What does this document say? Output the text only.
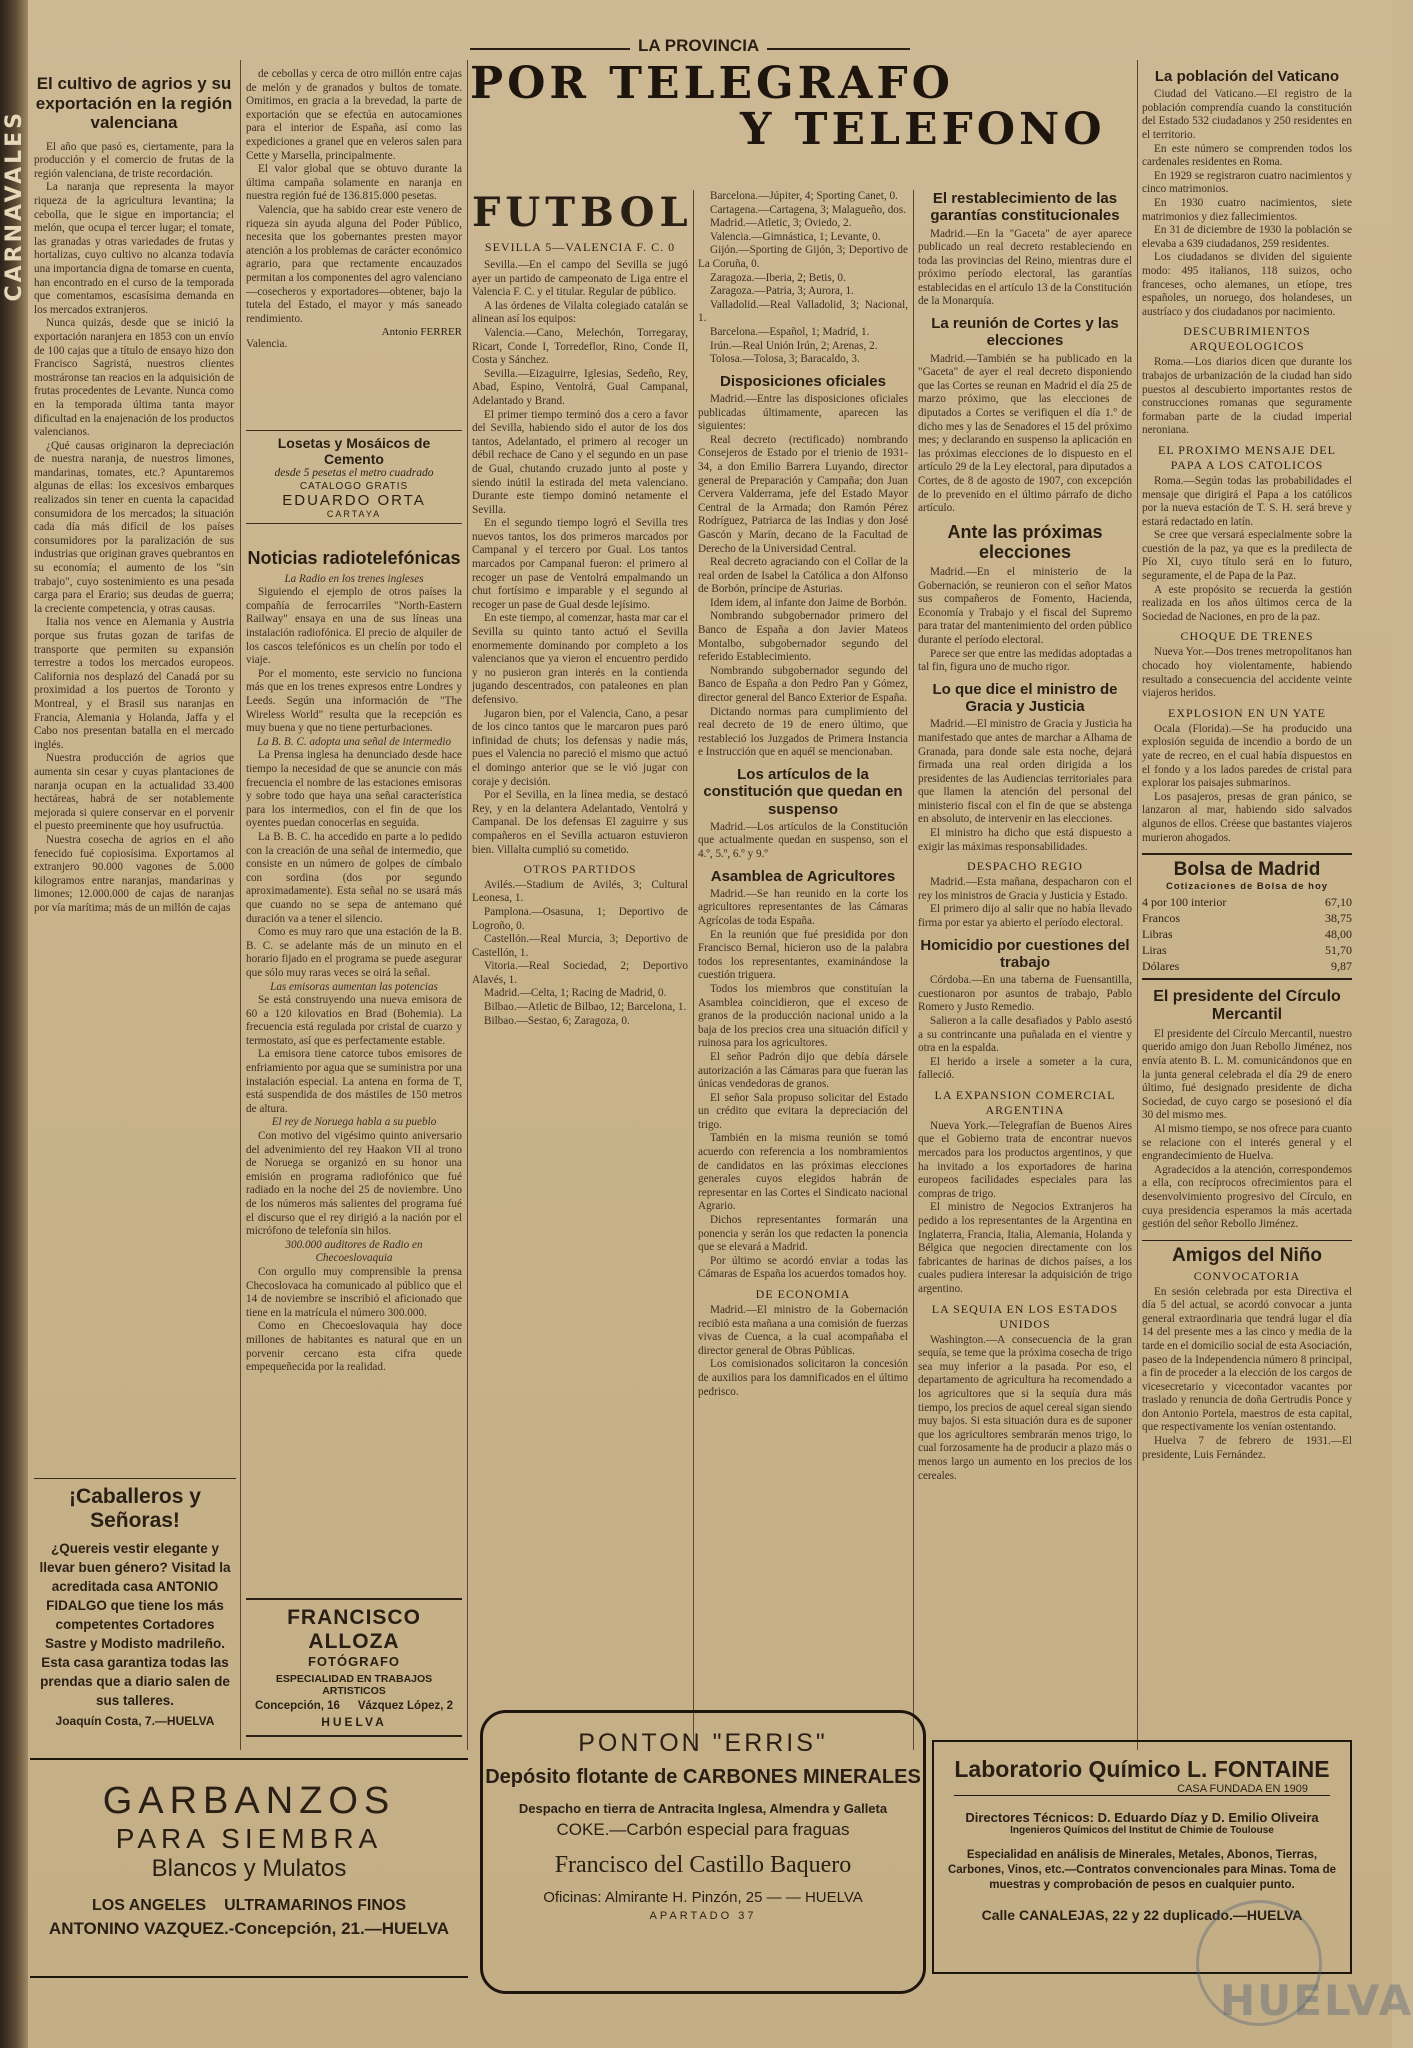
CARNAVALES
LA PROVINCIA
POR TELEGRAFO
Y TELEFONO
El cultivo de agrios y su exportación en la región valenciana

El año que pasó es, ciertamente, para la producción y el comercio de frutas de la región valenciana, de triste recordación.

La naranja que representa la mayor riqueza de la agricultura levantina; la cebolla, que le sigue en importancia; el melón, que ocupa el tercer lugar; el tomate, las granadas y otras variedades de frutas y hortalizas, cuyo cultivo no alcanza todavía una importancia digna de tomarse en cuenta, han encontrado en el curso de la temporada que comentamos, escasísima demanda en los mercados extranjeros.

Nunca quizás, desde que se inició la exportación naranjera en 1853 con un envío de 100 cajas que a título de ensayo hizo don Francisco Sagristá, nuestros clientes mostráronse tan reacios en la adquisición de frutas procedentes de Levante. Nunca como en la temporada última tanta mayor dificultad en la enajenación de los productos valencianos.

¿Qué causas originaron la depreciación de nuestra naranja, de nuestros limones, mandarinas, tomates, etc.? Apuntaremos algunas de ellas: los excesivos embarques realizados sin tener en cuenta la capacidad consumidora de los mercados; la situación cada día más difícil de los países consumidores por la paralización de sus industrias que originan graves quebrantos en su economía; el aumento de los "sin trabajo", cuyo sostenimiento es una pesada carga para el Erario; sus deudas de guerra; la creciente competencia, y otras causas.

Italia nos vence en Alemania y Austria porque sus frutas gozan de tarifas de transporte que permiten su expansión terrestre a todos los mercados europeos. California nos desplazó del Canadá por su proximidad a los puertos de Toronto y Montreal, y el Brasil sus naranjas en Francia, Alemania y Holanda, Jaffa y el Cabo nos presentan batalla en el mercado inglés.

Nuestra producción de agrios que aumenta sin cesar y cuyas plantaciones de naranja ocupan en la actualidad 33.400 hectáreas, habrá de ser notablemente mejorada si quiere conservar en el porvenir el puesto preeminente que hoy usufructúa.

Nuestra cosecha de agrios en el año fenecido fué copiosísima. Exportamos al extranjero 90.000 vagones de 5.000 kilogramos entre naranjas, mandarinas y limones; 12.000.000 de cajas de naranjas por vía marítima; más de un millón de cajas

¡Caballeros y Señoras!
¿Quereis vestir elegante y llevar buen género? Visitad la acreditada casa ANTONIO FIDALGO que tiene los más competentes Cortadores Sastre y Modisto madrileño. Esta casa garantiza todas las prendas que a diario salen de sus talleres.
Joaquín Costa, 7.—HUELVA

de cebollas y cerca de otro millón entre cajas de melón y de granados y bultos de tomate. Omitimos, en gracia a la brevedad, la parte de exportación que se efectúa en autocamiones para el interior de España, así como las expediciones a granel que en veleros salen para Cette y Marsella, principalmente.

El valor global que se obtuvo durante la última campaña solamente en naranja en nuestra región fué de 136.815.000 pesetas.

Valencia, que ha sabido crear este venero de riqueza sin ayuda alguna del Poder Público, necesita que los gobernantes presten mayor atención a los problemas de carácter económico agrario, para que rectamente encauzados permitan a los componentes del agro valenciano—cosecheros y exportadores—obtener, bajo la tutela del Estado, el mayor y más saneado rendimiento.

Antonio FERRER
Valencia.
Losetas y Mosáicos de Cemento
desde 5 pesetas el metro cuadrado
CATALOGO GRATIS
EDUARDO ORTA
CARTAYA
Noticias radiotelefónicas
La Radio en los trenes ingleses

Siguiendo el ejemplo de otros países la compañía de ferrocarriles "North-Eastern Railway" ensaya en una de sus líneas una instalación radiofónica. El precio de alquiler de los cascos telefónicos es un chelín por todo el viaje.

Por el momento, este servicio no funciona más que en los trenes expresos entre Londres y Leeds. Según una información de "The Wireless World" resulta que la recepción es muy buena y que no tiene perturbaciones.

La B. B. C. adopta una señal de intermedio

La Prensa inglesa ha denunciado desde hace tiempo la necesidad de que se anuncie con más frecuencia el nombre de las estaciones emisoras y sobre todo que haya una señal característica para los intermedios, con el fin de que los oyentes puedan conocerlas en seguida.

La B. B. C. ha accedido en parte a lo pedido con la creación de una señal de intermedio, que consiste en un número de golpes de címbalo con sordina (dos por segundo aproximadamente). Esta señal no se usará más que cuando no se sepa de antemano qué duración va a tener el silencio.

Como es muy raro que una estación de la B. B. C. se adelante más de un minuto en el horario fijado en el programa se puede asegurar que sólo muy raras veces se oirá la señal.

Las emisoras aumentan las potencias

Se está construyendo una nueva emisora de 60 a 120 kilovatios en Brad (Bohemia). La frecuencia está regulada por cristal de cuarzo y termostato, así que es perfectamente estable.

La emisora tiene catorce tubos emisores de enfriamiento por agua que se suministra por una instalación especial. La antena en forma de T, está suspendida de dos mástiles de 150 metros de altura.

El rey de Noruega habla a su pueblo

Con motivo del vigésimo quinto aniversario del advenimiento del rey Haakon VII al trono de Noruega se organizó en su honor una emisión en programa radiofónico que fué radiado en la noche del 25 de noviembre. Uno de los números más salientes del programa fué el discurso que el rey dirigió a la nación por el micrófono de telefonía sin hilos.

300.000 auditores de Radio en Checoeslovaquia

Con orgullo muy comprensible la prensa Checoslovaca ha comunicado al público que el 14 de noviembre se inscribió el aficionado que tiene en la matrícula el número 300.000.

Como en Checoeslovaquia hay doce millones de habitantes es natural que en un porvenir cercano esta cifra quede empequeñecida por la realidad.

FRANCISCO ALLOZA
FOTÓGRAFO
ESPECIALIDAD EN TRABAJOS ARTISTICOS
Concepción, 16 Vázquez López, 2
HUELVA
FUTBOL
SEVILLA 5—VALENCIA F. C. 0

Sevilla.—En el campo del Sevilla se jugó ayer un partido de campeonato de Liga entre el Valencia F. C. y el titular. Regular de público.

A las órdenes de Vilalta colegiado catalán se alinean así los equipos:

Valencia.—Cano, Melechón, Torregaray, Ricart, Conde I, Torredeflor, Rino, Conde II, Costa y Sánchez.

Sevilla.—Eizaguirre, Iglesias, Sedeño, Rey, Abad, Espino, Ventolrá, Gual Campanal, Adelantado y Brand.

El primer tiempo terminó dos a cero a favor del Sevilla, habiendo sido el autor de los dos tantos, Adelantado, el primero al recoger un débil rechace de Cano y el segundo en un pase de Gual, chutando cruzado junto al poste y siendo inútil la estirada del meta valenciano. Durante este tiempo dominó netamente el Sevilla.

En el segundo tiempo logró el Sevilla tres nuevos tantos, los dos primeros marcados por Campanal y el tercero por Gual. Los tantos marcados por Campanal fueron: el primero al recoger un pase de Ventolrá empalmando un chut fortísimo e imparable y el segundo al recoger un pase de Gual desde lejísimo.

En este tiempo, al comenzar, hasta mar car el Sevilla su quinto tanto actuó el Sevilla enormemente dominando por completo a los valencianos que ya vieron el encuentro perdido y no pusieron gran interés en la contienda jugando descentrados, con pataleones en plan defensivo.

Jugaron bien, por el Valencia, Cano, a pesar de los cinco tantos que le marcaron pues paró infinidad de chuts; los defensas y nadie más, pues el Valencia no pareció el mismo que actuó el domingo anterior que se le vió jugar con coraje y decisión.

Por el Sevilla, en la línea media, se destacó Rey, y en la delantera Adelantado, Ventolrá y Campanal. De los defensas El zaguirre y sus compañeros en el Sevilla actuaron estuvieron bien. Villalta cumplió su cometido.

OTROS PARTIDOS

Avilés.—Stadium de Avilés, 3; Cultural Leonesa, 1.

Pamplona.—Osasuna, 1; Deportivo de Logroño, 0.

Castellón.—Real Murcia, 3; Deportivo de Castellón, 1.

Vitoria.—Real Sociedad, 2; Deportivo Alavés, 1.

Madrid.—Celta, 1; Racing de Madrid, 0.

Bilbao.—Atletic de Bilbao, 12; Barcelona, 1.

Bilbao.—Sestao, 6; Zaragoza, 0.

Barcelona.—Júpiter, 4; Sporting Canet, 0.

Cartagena.—Cartagena, 3; Malagueño, dos.

Madrid.—Atletic, 3; Oviedo, 2.

Valencia.—Gimnástica, 1; Levante, 0.

Gijón.—Sporting de Gijón, 3; Deportivo de La Coruña, 0.

Zaragoza.—Iberia, 2; Betis, 0.

Zaragoza.—Patria, 3; Aurora, 1.

Valladolid.—Real Valladolid, 3; Nacional, 1.

Barcelona.—Español, 1; Madrid, 1.

Irún.—Real Unión Irún, 2; Arenas, 2.

Tolosa.—Tolosa, 3; Baracaldo, 3.

Disposiciones oficiales

Madrid.—Entre las disposiciones oficiales publicadas últimamente, aparecen las siguientes:

Real decreto (rectificado) nombrando Consejeros de Estado por el trienio de 1931-34, a don Emilio Barrera Luyando, director general de Preparación y Campaña; don Juan Cervera Valderrama, jefe del Estado Mayor Central de la Armada; don Ramón Pérez Rodríguez, Patriarca de las Indias y don José Gascón y Marín, decano de la Facultad de Derecho de la Universidad Central.

Real decreto agraciando con el Collar de la real orden de Isabel la Católica a don Alfonso de Borbón, príncipe de Asturias.

Idem idem, al infante don Jaime de Borbón.

Nombrando subgobernador primero del Banco de España a don Javier Mateos Montalbo, subgobernador segundo del referido Establecimiento.

Nombrando subgobernador segundo del Banco de España a don Pedro Pan y Gómez, director general del Banco Exterior de España.

Dictando normas para cumplimiento del real decreto de 19 de enero último, que restableció los Juzgados de Primera Instancia e Instrucción que en aquél se mencionaban.

Los artículos de la constitución que quedan en suspenso

Madrid.—Los artículos de la Constitución que actualmente quedan en suspenso, son el 4.º, 5.º, 6.º y 9.º

Asamblea de Agricultores

Madrid.—Se han reunido en la corte los agricultores representantes de las Cámaras Agrícolas de toda España.

En la reunión que fué presidida por don Francisco Bernal, hicieron uso de la palabra todos los representantes, examinándose la cuestión triguera.

Todos los miembros que constituían la Asamblea coincidieron, que el exceso de granos de la producción nacional unido a la baja de los precios crea una situación difícil y ruinosa para los agricultores.

El señor Padrón dijo que debía dársele autorización a las Cámaras para que fueran las únicas vendedoras de granos.

El señor Sala propuso solicitar del Estado un crédito que evitara la depreciación del trigo.

También en la misma reunión se tomó acuerdo con referencia a los nombramientos de candidatos en las próximas elecciones generales cuyos elegidos habrán de representar en las Cortes el Sindicato nacional Agrario.

Dichos representantes formarán una ponencia y serán los que redacten la ponencia que se elevará a Madrid.

Por último se acordó enviar a todas las Cámaras de España los acuerdos tomados hoy.

DE ECONOMIA

Madrid.—El ministro de la Gobernación recibió esta mañana a una comisión de fuerzas vivas de Cuenca, a la cual acompañaba el director general de Obras Públicas.

Los comisionados solicitaron la concesión de auxilios para los damnificados en el último pedrisco.

El restablecimiento de las garantías constitucionales

Madrid.—En la "Gaceta" de ayer aparece publicado un real decreto restableciendo en toda las provincias del Reino, mientras dure el próximo período electoral, las garantías establecidas en el artículo 13 de la Constitución de la Monarquía.

La reunión de Cortes y las elecciones

Madrid.—También se ha publicado en la "Gaceta" de ayer el real decreto disponiendo que las Cortes se reunan en Madrid el día 25 de marzo próximo, que las elecciones de diputados a Cortes se verifiquen el día 1.º de dicho mes y las de Senadores el 15 del próximo mes; y declarando en suspenso la aplicación en las próximas elecciones de lo dispuesto en el artículo 29 de la Ley electoral, para diputados a Cortes, de 8 de agosto de 1907, con excepción de lo prevenido en el último párrafo de dicho artículo.

Ante las próximas elecciones

Madrid.—En el ministerio de la Gobernación, se reunieron con el señor Matos sus compañeros de Fomento, Hacienda, Economía y Trabajo y el fiscal del Supremo para tratar del mantenimiento del orden público durante el período electoral.

Parece ser que entre las medidas adoptadas a tal fin, figura uno de mucho rigor.

Lo que dice el ministro de Gracia y Justicia

Madrid.—El ministro de Gracia y Justicia ha manifestado que antes de marchar a Alhama de Granada, para donde sale esta noche, dejará firmada una real orden dirigida a los presidentes de las Audiencias territoriales para que llamen la atención del personal del ministerio fiscal con el fin de que se abstenga en absoluto, de intervenir en las elecciones.

El ministro ha dicho que está dispuesto a exigir las máximas responsabilidades.

DESPACHO REGIO

Madrid.—Esta mañana, despacharon con el rey los ministros de Gracia y Justicia y Estado.

El primero dijo al salir que no había llevado firma por estar ya abierto el período electoral.

Homicidio por cuestiones del trabajo

Córdoba.—En una taberna de Fuensantilla, cuestionaron por asuntos de trabajo, Pablo Romero y Justo Remedio.

Salieron a la calle desafiados y Pablo asestó a su contrincante una puñalada en el vientre y otra en la espalda.

El herido a irsele a someter a la cura, falleció.

LA EXPANSION COMERCIAL ARGENTINA

Nueva York.—Telegrafían de Buenos Aires que el Gobierno trata de encontrar nuevos mercados para los productos argentinos, y que ha invitado a los exportadores de harina europeos facilidades especiales para las compras de trigo.

El ministro de Negocios Extranjeros ha pedido a los representantes de la Argentina en Inglaterra, Francia, Italia, Alemania, Holanda y Bélgica que negocien directamente con los fabricantes de harinas de dichos países, a los cuales pudiera interesar la adquisición de trigo argentino.

LA SEQUIA EN LOS ESTADOS UNIDOS

Washington.—A consecuencia de la gran sequía, se teme que la próxima cosecha de trigo sea muy inferior a la pasada. Por eso, el departamento de agricultura ha recomendado a los agricultores que si la sequía dura más tiempo, los precios de aquel cereal sigan siendo muy bajos. Si esta situación dura es de suponer que los agricultores sembrarán menos trigo, lo cual forzosamente ha de producir a plazo más o menos largo un aumento en los precios de los cereales.

La población del Vaticano

Ciudad del Vaticano.—El registro de la población comprendía cuando la constitución del Estado 532 ciudadanos y 250 residentes en el territorio.

En este número se comprenden todos los cardenales residentes en Roma.

En 1929 se registraron cuatro nacimientos y cinco matrimonios.

En 1930 cuatro nacimientos, siete matrimonios y diez fallecimientos.

En 31 de diciembre de 1930 la población se elevaba a 639 ciudadanos, 259 residentes.

Los ciudadanos se dividen del siguiente modo: 495 italianos, 118 suizos, ocho franceses, ocho alemanes, un etíope, tres españoles, un noruego, dos holandeses, un austríaco y dos ciudadanos por nacimiento.

DESCUBRIMIENTOS ARQUEOLOGICOS

Roma.—Los diarios dicen que durante los trabajos de urbanización de la ciudad han sido puestos al descubierto importantes restos de construcciones romanas que seguramente formaban parte de la ciudad imperial neroniana.

EL PROXIMO MENSAJE DEL PAPA A LOS CATOLICOS

Roma.—Según todas las probabilidades el mensaje que dirigirá el Papa a los católicos por la nueva estación de T. S. H. será breve y estará redactado en latín.

Se cree que versará especialmente sobre la cuestión de la paz, ya que es la predilecta de Pío XI, cuyo título será en lo futuro, seguramente, el de Papa de la Paz.

A este propósito se recuerda la gestión realizada en los años últimos cerca de la Sociedad de Naciones, en pro de la paz.

CHOQUE DE TRENES

Nueva Yor.—Dos trenes metropolitanos han chocado hoy violentamente, habiendo resultado a consecuencia del accidente veinte viajeros heridos.

EXPLOSION EN UN YATE

Ocala (Florida).—Se ha producido una explosión seguida de incendio a bordo de un yate de recreo, en el cual había dispuestos en el fondo y a los lados paredes de cristal para explorar los paisajes submarinos.

Los pasajeros, presas de gran pánico, se lanzaron al mar, habiendo sido salvados algunos de ellos. Créese que bastantes viajeros murieron ahogados.

Bolsa de Madrid
Cotizaciones de Bolsa de hoy
4 por 100 interior	67,10
Francos	38,75
Libras	48,00
Liras	51,70
Dólares	9,87
El presidente del Círculo Mercantil

El presidente del Círculo Mercantil, nuestro querido amigo don Juan Rebollo Jiménez, nos envía atento B. L. M. comunicándonos que en la junta general celebrada el día 29 de enero último, fué designado presidente de dicha Sociedad, de cuyo cargo se posesionó el día 30 del mismo mes.

Al mismo tiempo, se nos ofrece para cuanto se relacione con el interés general y el engrandecimiento de Huelva.

Agradecidos a la atención, correspondemos a ella, con recíprocos ofrecimientos para el desenvolvimiento progresivo del Círculo, en cuya presidencia esperamos la más acertada gestión del señor Rebollo Jiménez.

Amigos del Niño
CONVOCATORIA

En sesión celebrada por esta Directiva el día 5 del actual, se acordó convocar a junta general extraordinaria que tendrá lugar el día 14 del presente mes a las cinco y media de la tarde en el domicilio social de esta Asociación, paseo de la Independencia número 8 principal, a fin de proceder a la elección de los cargos de vicesecretario y vicecontador vacantes por traslado y renuncia de doña Gertrudis Ponce y don Antonio Portela, maestros de esta capital, que respectivamente los venían ostentando.

Huelva 7 de febrero de 1931.—El presidente, Luis Fernández.

GARBANZOS
PARA SIEMBRA
Blancos y Mulatos
LOS ANGELES ULTRAMARINOS FINOS
ANTONINO VAZQUEZ.-Concepción, 21.—HUELVA
PONTON "ERRIS"
Depósito flotante de CARBONES MINERALES
Despacho en tierra de Antracita Inglesa, Almendra y Galleta
COKE.—Carbón especial para fraguas
Francisco del Castillo Baquero
Oficinas: Almirante H. Pinzón, 25 — — HUELVA
APARTADO 37
Laboratorio Químico L. FONTAINE
CASA FUNDADA EN 1909
Directores Técnicos: D. Eduardo Díaz y D. Emilio Oliveira
Ingenieros Químicos del Institut de Chimie de Toulouse
Especialidad en análisis de Minerales, Metales, Abonos, Tierras, Carbones, Vinos, etc.—Contratos convencionales para Minas. Toma de muestras y comprobación de pesos en cualquier punto.
Calle CANALEJAS, 22 y 22 duplicado.—HUELVA
HUELVA
